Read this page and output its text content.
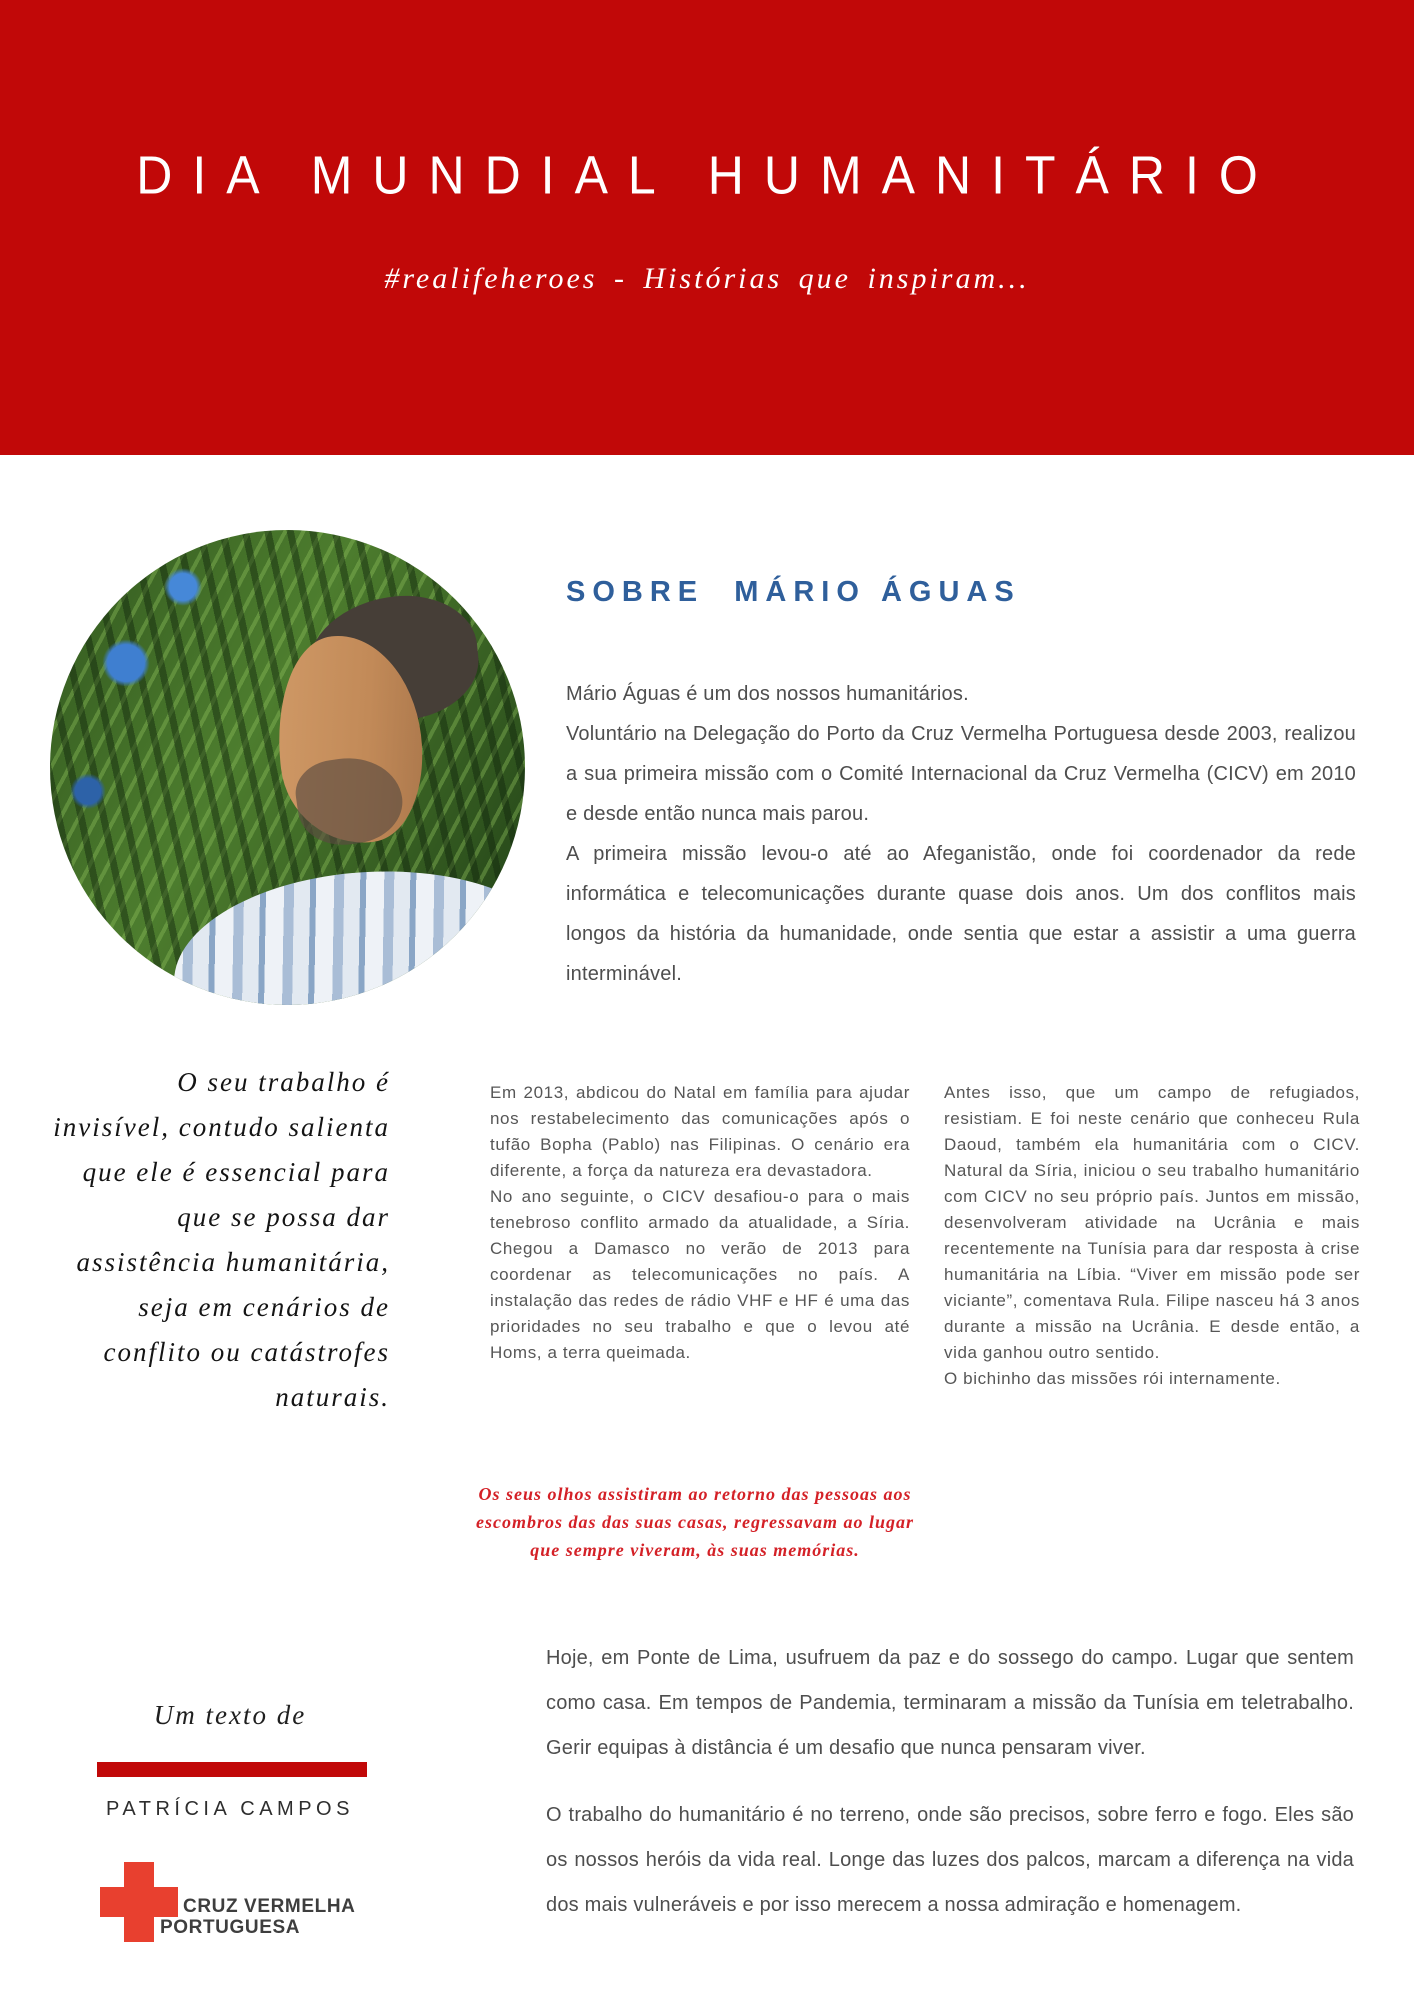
DIA MUNDIAL HUMANITÁRIO
#realifeheroes - Histórias que inspiram...
SOBRE  MÁRIO ÁGUAS

Mário Águas é um dos nossos humanitários.

Voluntário na Delegação do Porto da Cruz Vermelha Portuguesa desde 2003, realizou a sua primeira missão com o Comité Internacional da Cruz Vermelha (CICV) em 2010 e desde então nunca mais parou.

A primeira missão levou-o até ao Afeganistão, onde foi coordenador da rede informática e telecomunicações durante quase dois anos. Um dos conflitos mais longos da história da humanidade, onde sentia que estar a assistir a uma guerra interminável.

O seu trabalho é invisível, contudo salienta que ele é essencial para que se possa dar assistência humanitária, seja em cenários de conflito ou catástrofes naturais.

Em 2013, abdicou do Natal em família para ajudar nos restabelecimento das comunicações após o tufão Bopha (Pablo) nas Filipinas. O cenário era diferente, a força da natureza era devastadora.

No ano seguinte, o CICV desafiou-o para o mais tenebroso conflito armado da atualidade, a Síria. Chegou a Damasco no verão de 2013 para coordenar as telecomunicações no país. A instalação das redes de rádio VHF e HF é uma das prioridades no seu trabalho e que o levou até Homs, a terra queimada.

Antes isso, que um campo de refugiados, resistiam. E foi neste cenário que conheceu Rula Daoud, também ela humanitária com o CICV. Natural da Síria, iniciou o seu trabalho humanitário com CICV no seu próprio país. Juntos em missão, desenvolveram atividade na Ucrânia e mais recentemente na Tunísia para dar resposta à crise humanitária na Líbia. “Viver em missão pode ser viciante”, comentava Rula. Filipe nasceu há 3 anos durante a missão na Ucrânia. E desde então, a vida ganhou outro sentido.

O bichinho das missões rói internamente.

Os seus olhos assistiram ao retorno das pessoas aos escombros das das suas casas, regressavam ao lugar que sempre viveram, às suas memórias.

Hoje, em Ponte de Lima, usufruem da paz e do sossego do campo. Lugar que sentem como casa. Em tempos de Pandemia, terminaram a missão da Tunísia em teletrabalho. Gerir equipas à distância é um desafio que nunca pensaram viver.

O trabalho do humanitário é no terreno, onde são precisos, sobre ferro e fogo. Eles são os nossos heróis da vida real. Longe das luzes dos palcos, marcam a diferença na vida dos mais vulneráveis e por isso merecem a nossa admiração e homenagem.

Um texto de
PATRÍCIA CAMPOS
CRUZ VERMELHA
PORTUGUESA
